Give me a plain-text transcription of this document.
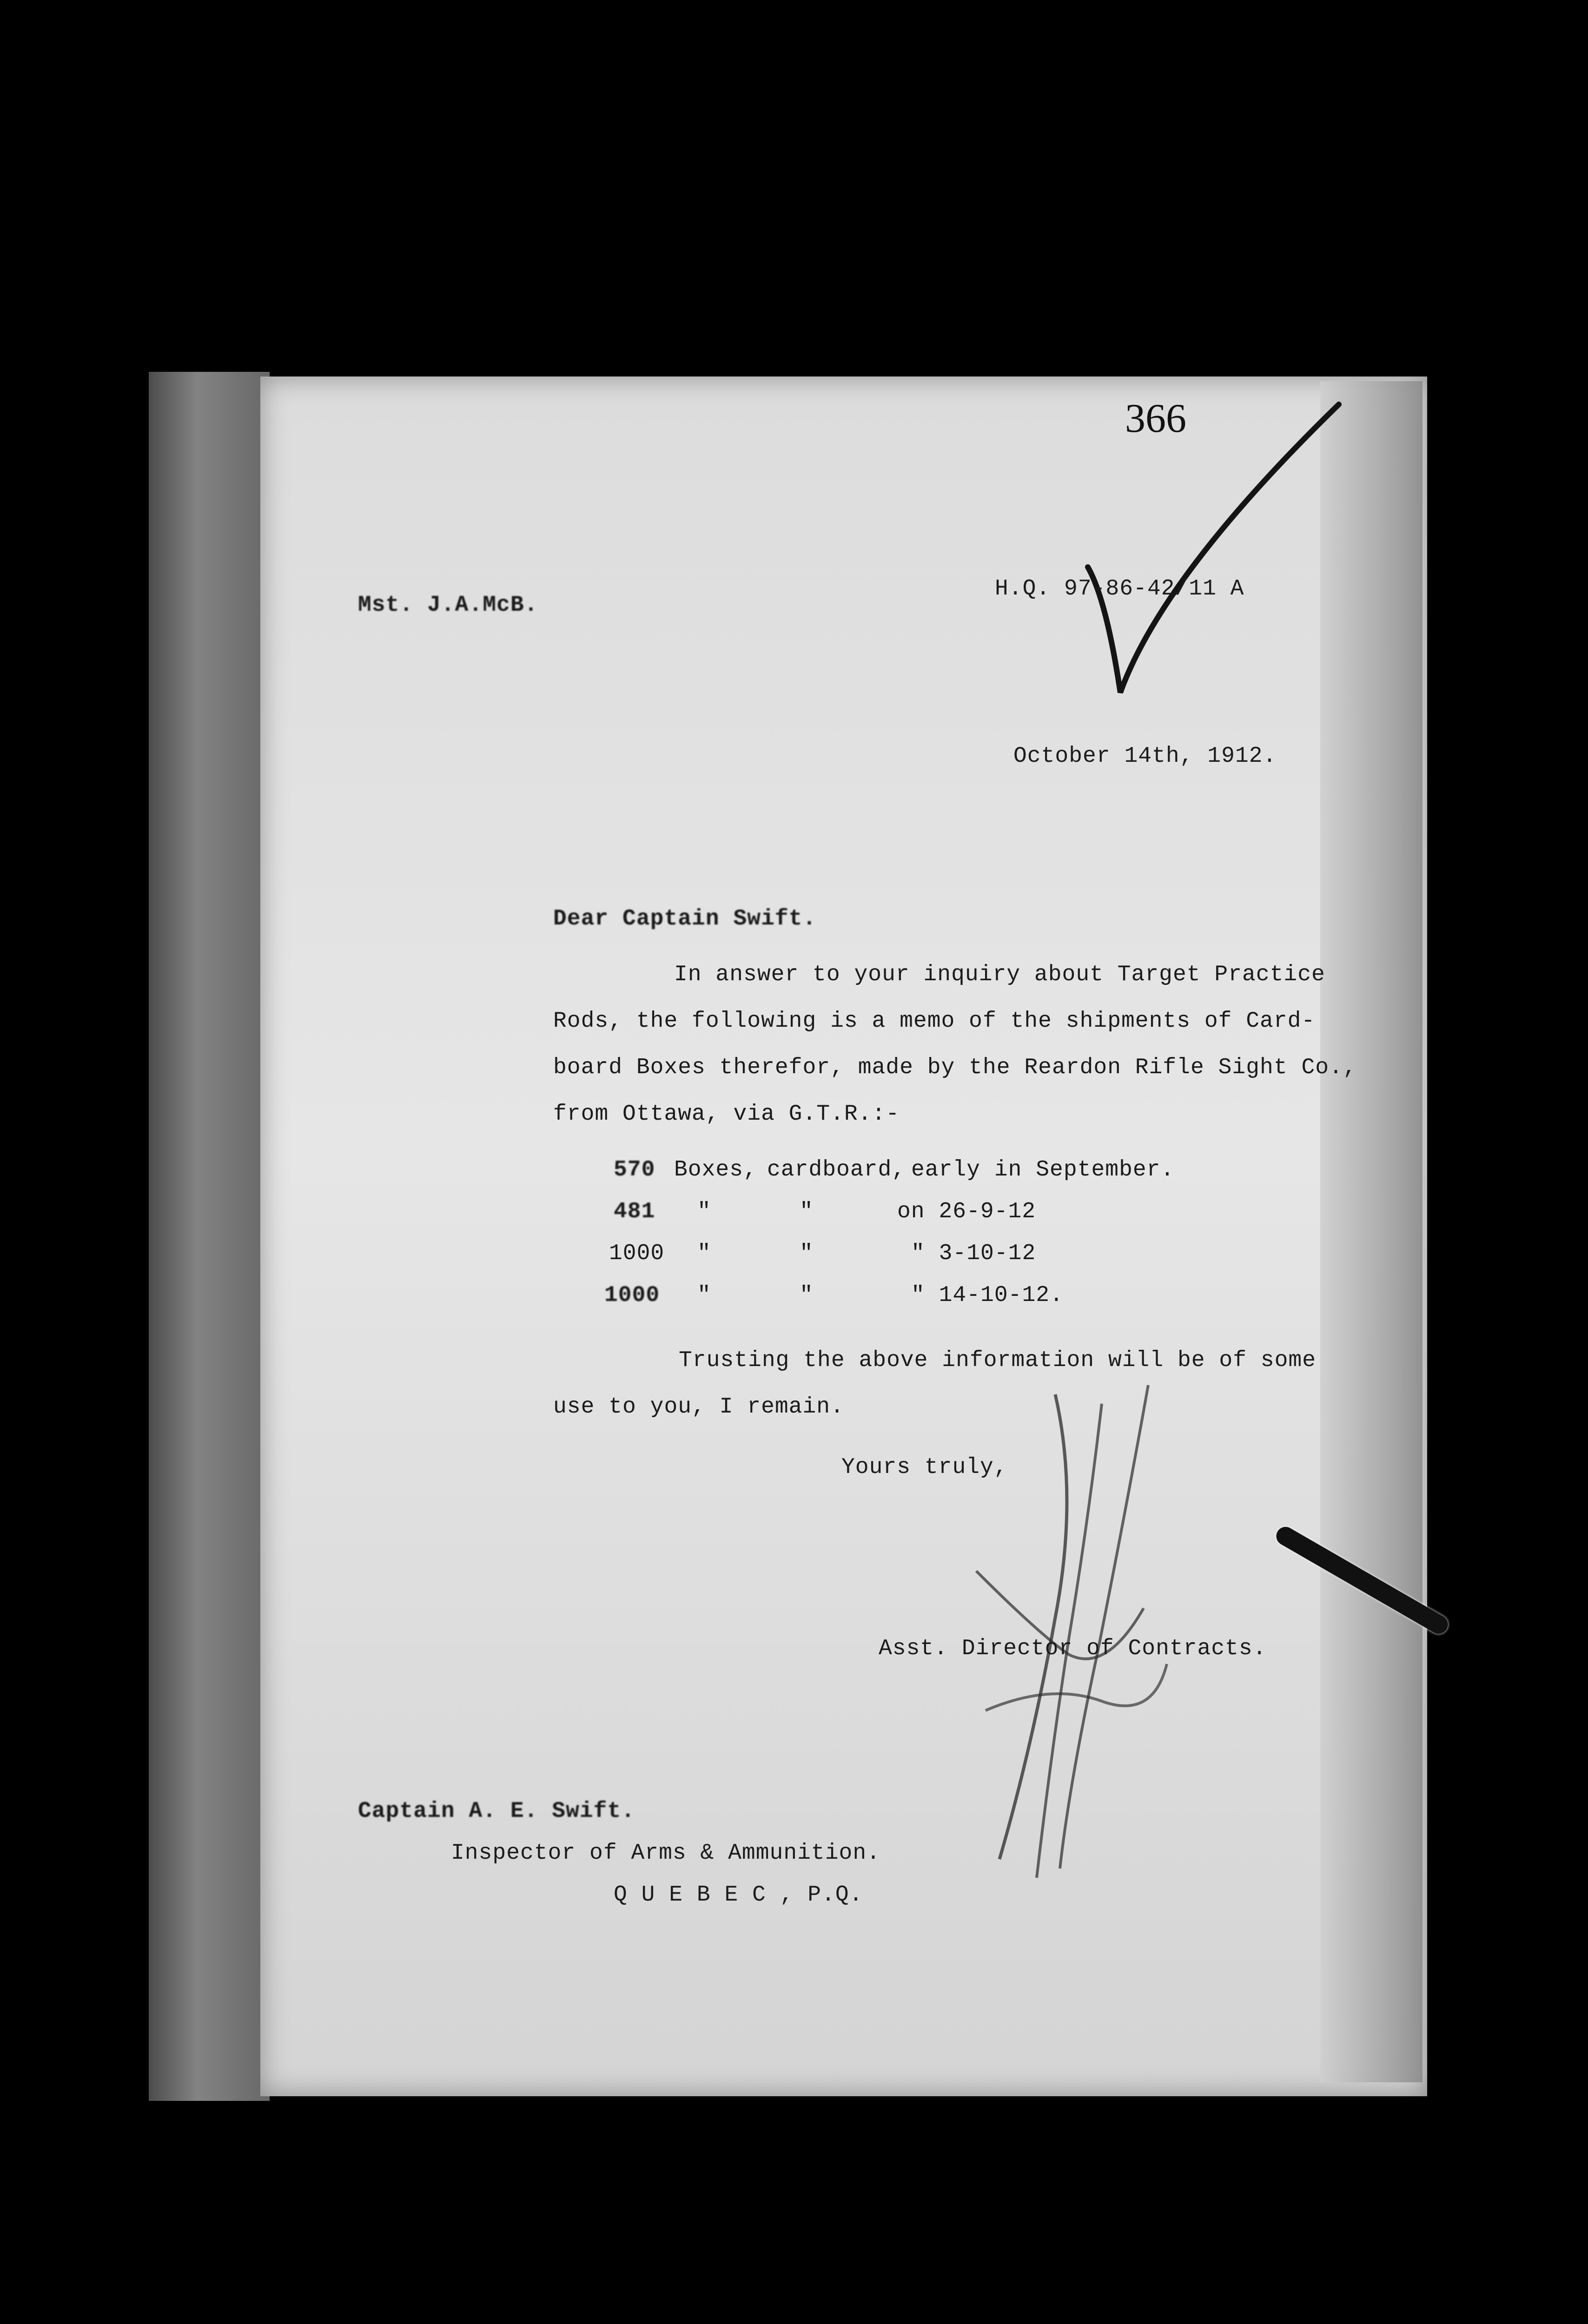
366
Mst. J.A.McB.
H.Q. 97-86-42/11 A
October 14th, 1912.
Dear Captain Swift.
In answer to your inquiry about Target Practice
Rods, the following is a memo of the shipments of Card-
board Boxes therefor, made by the Reardon Rifle Sight Co.,
from Ottawa, via G.T.R.:-
570 Boxes, cardboard, early in September.
481 "	"	on 26-9-12
1000 "	"	" 3-10-12
1000 "	"	" 14-10-12.
Trusting the above information will be of some
use to you, I remain.
Yours truly,
Asst. Director of Contracts.
Captain A. E. Swift.
Inspector of Arms & Ammunition.
Q U E B E C , P.Q.
